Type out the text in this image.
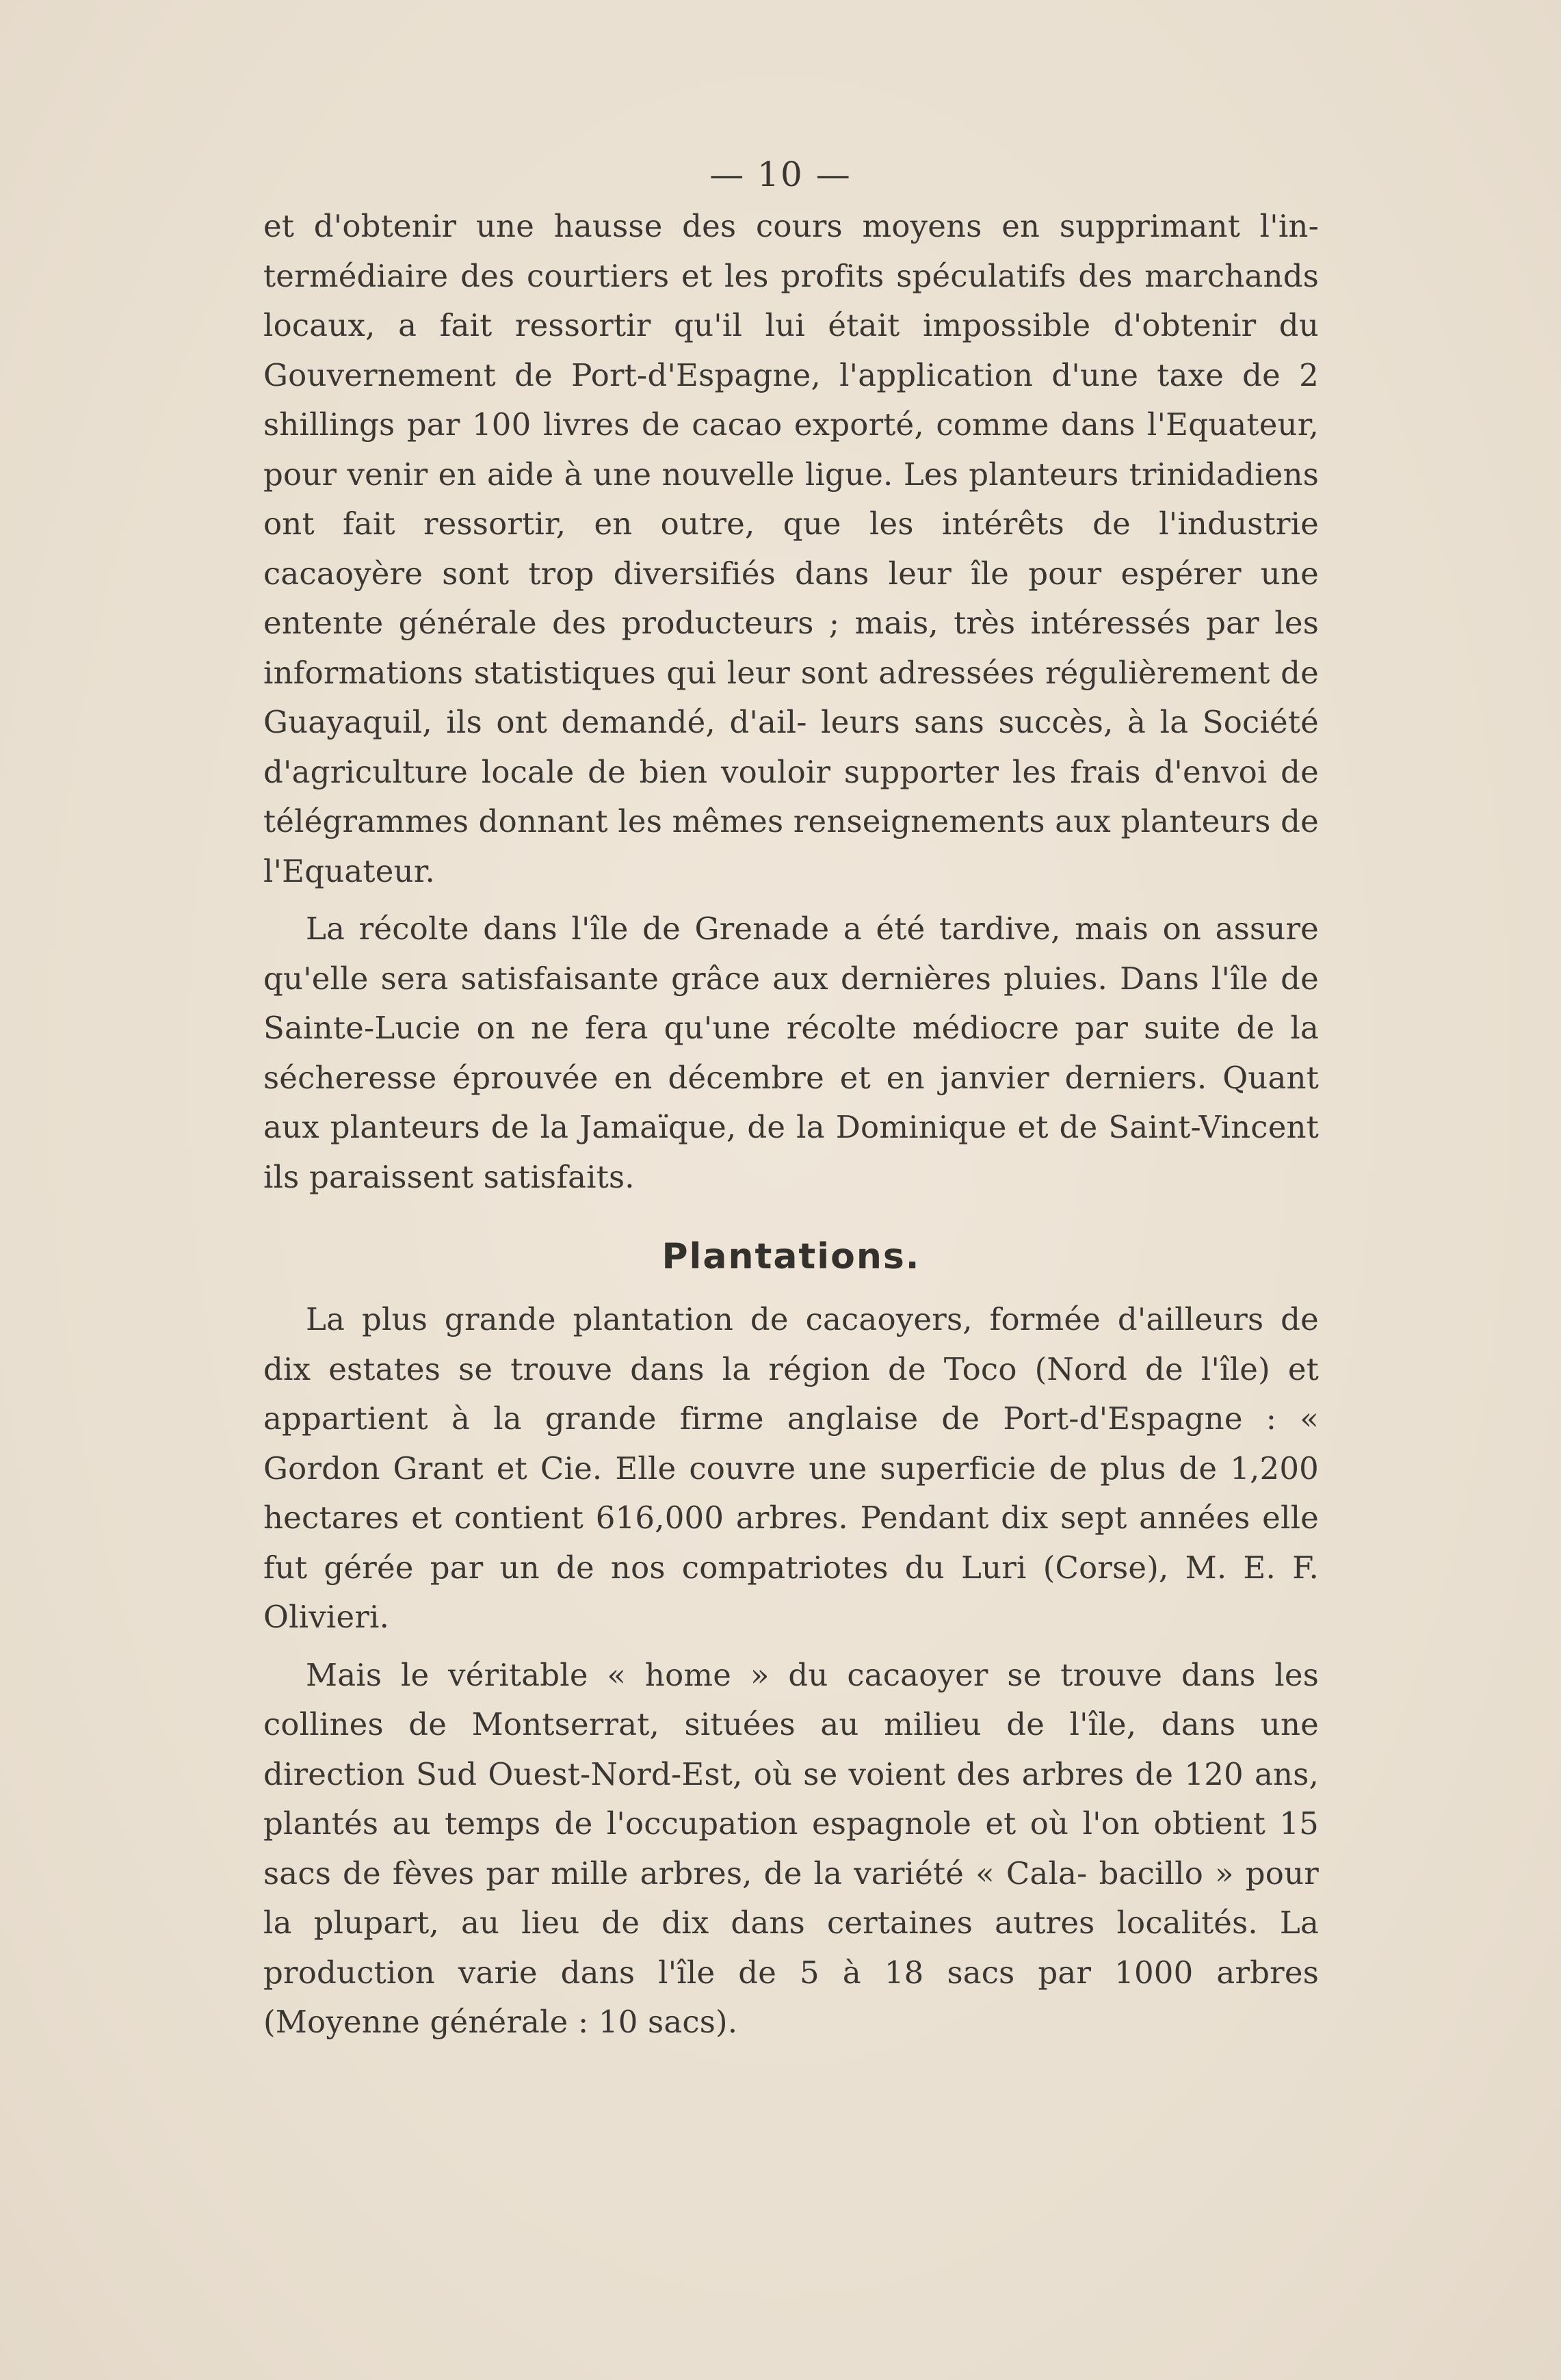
— 10 —

et d'obtenir une hausse des cours moyens en supprimant l'in- termédiaire des courtiers et les profits spéculatifs des marchands locaux, a fait ressortir qu'il lui était impossible d'obtenir du Gouvernement de Port-d'Espagne, l'application d'une taxe de 2 shillings par 100 livres de cacao exporté, comme dans l'Equateur, pour venir en aide à une nouvelle ligue. Les planteurs trinidadiens ont fait ressortir, en outre, que les intérêts de l'industrie cacaoyère sont trop diversifiés dans leur île pour espérer une entente générale des producteurs ; mais, très intéressés par les informations statistiques qui leur sont adressées régulièrement de Guayaquil, ils ont demandé, d'ail- leurs sans succès, à la Société d'agriculture locale de bien vouloir supporter les frais d'envoi de télégrammes donnant les mêmes renseignements aux planteurs de l'Equateur.

La récolte dans l'île de Grenade a été tardive, mais on assure qu'elle sera satisfaisante grâce aux dernières pluies. Dans l'île de Sainte-Lucie on ne fera qu'une récolte médiocre par suite de la sécheresse éprouvée en décembre et en janvier derniers. Quant aux planteurs de la Jamaïque, de la Dominique et de Saint-Vincent ils paraissent satisfaits.

Plantations.

La plus grande plantation de cacaoyers, formée d'ailleurs de dix estates se trouve dans la région de Toco (Nord de l'île) et appartient à la grande firme anglaise de Port-d'Espagne : « Gordon Grant et Cie. Elle couvre une superficie de plus de 1,200 hectares et contient 616,000 arbres. Pendant dix sept années elle fut gérée par un de nos compatriotes du Luri (Corse), M. E. F. Olivieri.

Mais le véritable « home » du cacaoyer se trouve dans les collines de Montserrat, situées au milieu de l'île, dans une direction Sud Ouest-Nord-Est, où se voient des arbres de 120 ans, plantés au temps de l'occupation espagnole et où l'on obtient 15 sacs de fèves par mille arbres, de la variété « Cala- bacillo » pour la plupart, au lieu de dix dans certaines autres localités. La production varie dans l'île de 5 à 18 sacs par 1000 arbres (Moyenne générale : 10 sacs).
